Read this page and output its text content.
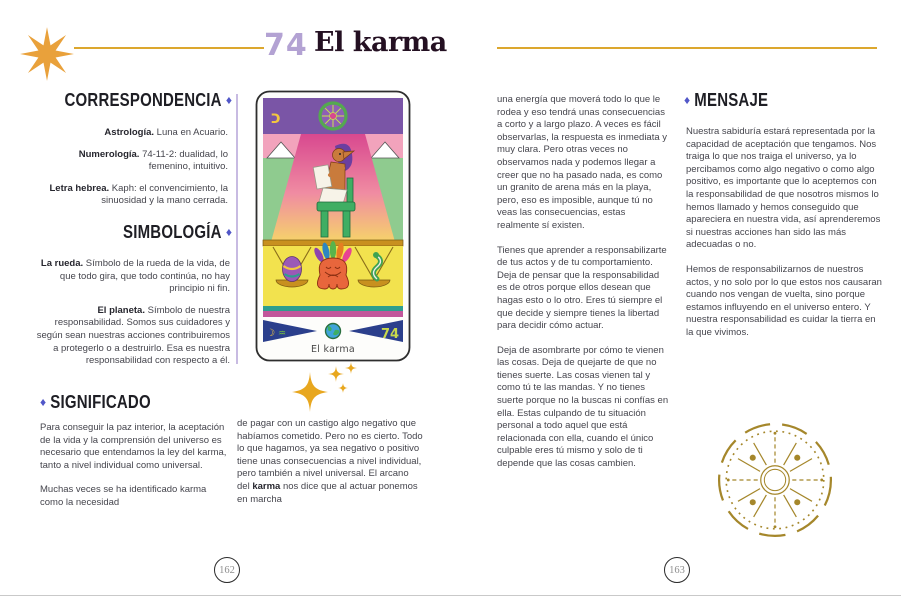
74 El karma
CORRESPONDENCIA ♦

Astrología. Luna en Acuario.

Numerología. 74-11-2: dualidad, lo femenino, intuitivo.

Letra hebrea. Kaph: el convencimiento, la sinuosidad y la mano cerrada.

SIMBOLOGÍA ♦

La rueda. Símbolo de la rueda de la vida, de que todo gira, que todo continúa, no hay principio ni fin.

El planeta. Símbolo de nuestra responsabilidad. Somos sus cuidadores y según sean nuestras acciones contribuiremos a protegerlo o a destruirlo. Esa es nuestra responsabilidad con respecto a él.

כ
☽ ♒	74
El karma
♦ SIGNIFICADO

Para conseguir la paz interior, la aceptación de la vida y la comprensión del universo es necesario que entendamos la ley del karma, tanto a nivel individual como universal.

Muchas veces se ha identificado karma como la necesidad

de pagar con un castigo algo negativo que habíamos cometido. Pero no es cierto. Todo lo que hagamos, ya sea negativo o positivo tiene unas consecuencias a nivel individual, pero también a nivel universal. El arcano del karma nos dice que al actuar ponemos en marcha

162

una energía que moverá todo lo que le rodea y eso tendrá unas consecuencias a corto y a largo plazo. A veces es fácil observarlas, la respuesta es inmediata y muy clara. Pero otras veces no observamos nada y podemos llegar a creer que no ha pasado nada, es como un granito de arena más en la playa, pero, eso es imposible, aunque tú no veas las consecuencias, estas realmente sí existen.

Tienes que aprender a responsabilizarte de tus actos y de tu comportamiento. Deja de pensar que la responsabilidad es de otros porque ellos desean que hagas esto o lo otro. Eres tú siempre el que decide y siempre tienes la libertad para decidir cómo actuar.

Deja de asombrarte por cómo te vienen las cosas. Deja de quejarte de que no tienes suerte. Las cosas vienen tal y como tú te las mandas. Y no tienes suerte porque no la buscas ni confías en ella. Estas culpando de tu situación personal a todo aquel que está relacionada con ella, cuando el único culpable eres tú mismo y solo de ti depende que las cosas cambien.

♦ MENSAJE

Nuestra sabiduría estará representada por la capacidad de aceptación que tengamos. Nos traiga lo que nos traiga el universo, ya lo percibamos como algo negativo o como algo positivo, es importante que lo aceptemos con la responsabilidad de que nosotros mismos lo hemos llamado y hemos conseguido que apareciera en nuestra vida, así aprenderemos si nuestras acciones han sido las más adecuadas o no.

Hemos de responsabilizarnos de nuestros actos, y no solo por lo que estos nos causaran cuando nos vengan de vuelta, sino porque estamos influyendo en el universo entero. Y nuestra responsabilidad es cuidar la tierra en la que vivimos.

163
